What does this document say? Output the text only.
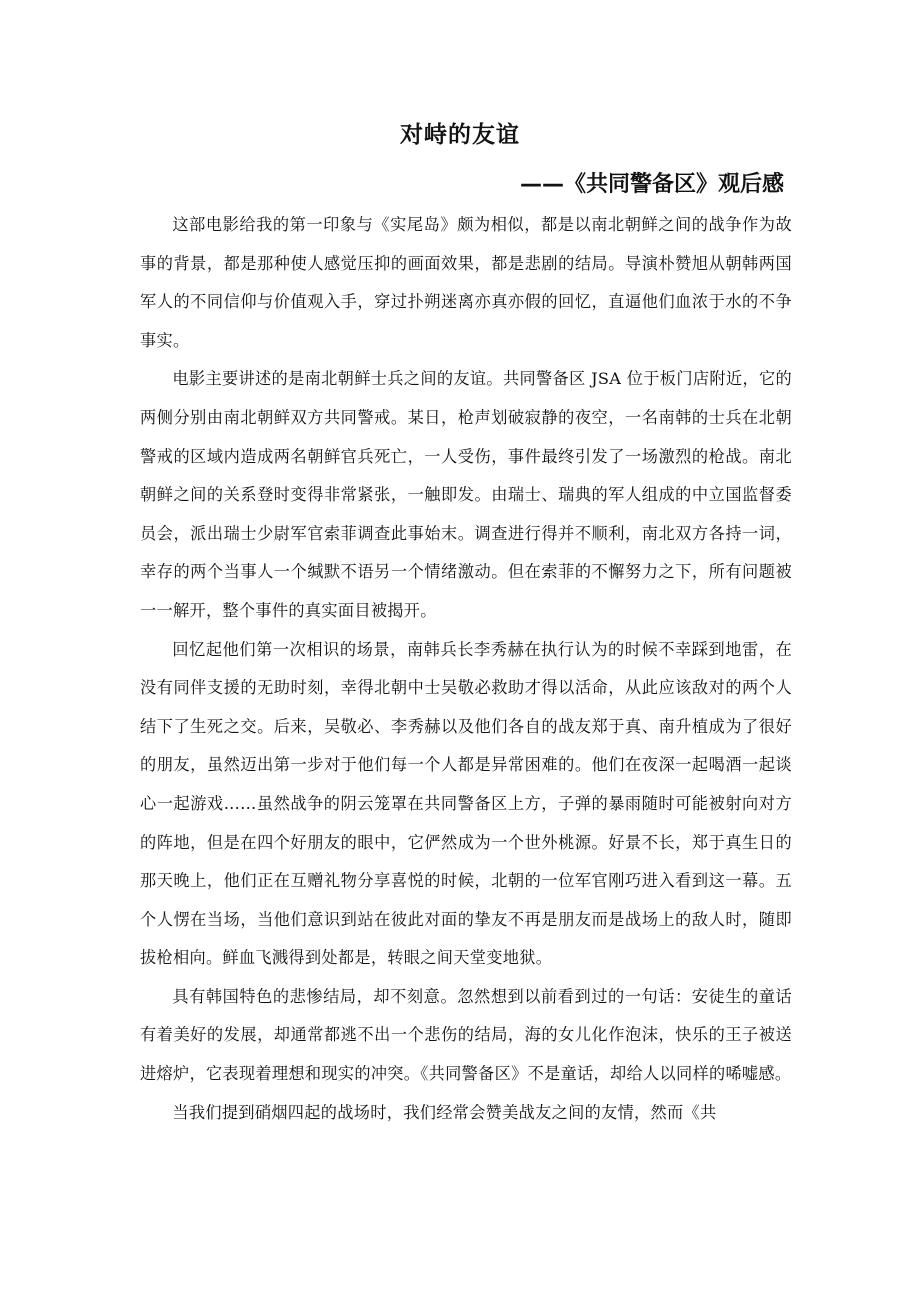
对峙的友谊
——《共同警备区》观后感

这部电影给我的第一印象与《实尾岛》颇为相似，都是以南北朝鲜之间的战争作为故事的背景，都是那种使人感觉压抑的画面效果，都是悲剧的结局。导演朴赞旭从朝韩两国军人的不同信仰与价值观入手，穿过扑朔迷离亦真亦假的回忆，直逼他们血浓于水的不争事实。

电影主要讲述的是南北朝鲜士兵之间的友谊。共同警备区 JSA 位于板门店附近，它的两侧分别由南北朝鲜双方共同警戒。某日，枪声划破寂静的夜空，一名南韩的士兵在北朝警戒的区域内造成两名朝鲜官兵死亡，一人受伤，事件最终引发了一场激烈的枪战。南北朝鲜之间的关系登时变得非常紧张，一触即发。由瑞士、瑞典的军人组成的中立国监督委员会，派出瑞士少尉军官索菲调查此事始末。调查进行得并不顺利，南北双方各持一词，幸存的两个当事人一个缄默不语另一个情绪激动。但在索菲的不懈努力之下，所有问题被一一解开，整个事件的真实面目被揭开。

回忆起他们第一次相识的场景，南韩兵长李秀赫在执行认为的时候不幸踩到地雷，在没有同伴支援的无助时刻，幸得北朝中士吴敬必救助才得以活命，从此应该敌对的两个人结下了生死之交。后来，吴敬必、李秀赫以及他们各自的战友郑于真、南升植成为了很好的朋友，虽然迈出第一步对于他们每一个人都是异常困难的。他们在夜深一起喝酒一起谈心一起游戏……虽然战争的阴云笼罩在共同警备区上方，子弹的暴雨随时可能被射向对方的阵地，但是在四个好朋友的眼中，它俨然成为一个世外桃源。好景不长，郑于真生日的那天晚上，他们正在互赠礼物分享喜悦的时候，北朝的一位军官刚巧进入看到这一幕。五个人愣在当场，当他们意识到站在彼此对面的挚友不再是朋友而是战场上的敌人时，随即拔枪相向。鲜血飞溅得到处都是，转眼之间天堂变地狱。

具有韩国特色的悲惨结局，却不刻意。忽然想到以前看到过的一句话：安徒生的童话有着美好的发展，却通常都逃不出一个悲伤的结局，海的女儿化作泡沫，快乐的王子被送进熔炉，它表现着理想和现实的冲突。《共同警备区》不是童话，却给人以同样的唏嘘感。

当我们提到硝烟四起的战场时，我们经常会赞美战友之间的友情，然而《共
